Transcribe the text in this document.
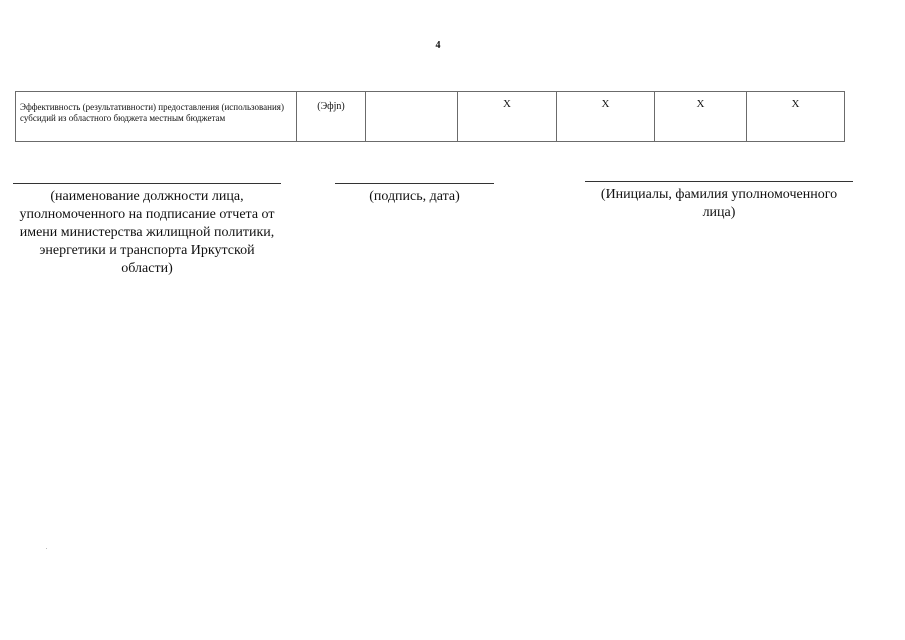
4
Эффективность (результативности) предоставления (использования) субсидий из областного бюджета местным бюджетам	(Эфjn)		X	X	X	X
(наименование должности лица, уполномоченного на подписание отчета от имени министерства жилищной политики, энергетики и транспорта Иркутской области)
(подпись, дата)	(Инициалы, фамилия уполномоченного лица)
